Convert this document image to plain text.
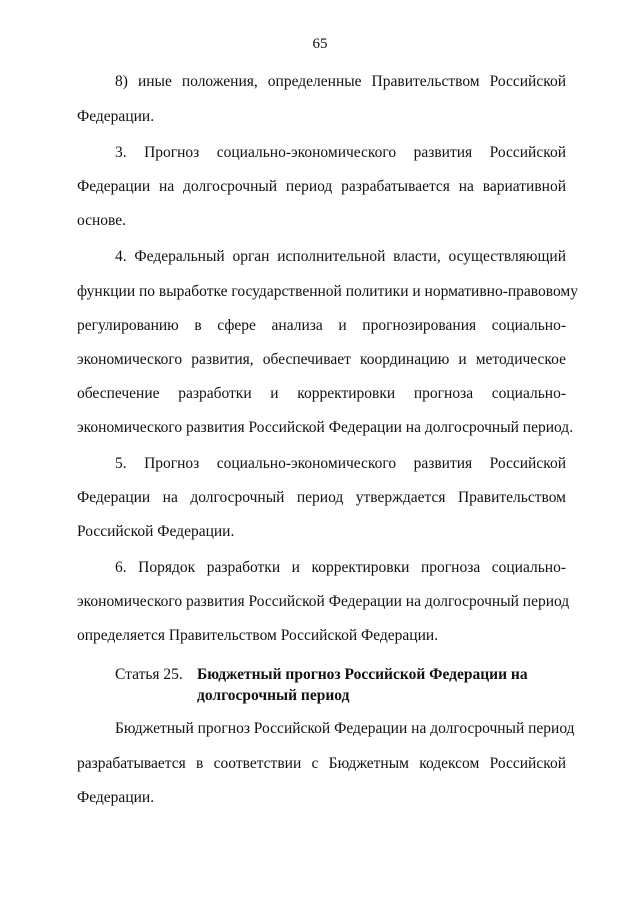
65
8) иные положения, определенные Правительством Российской
Федерации.
3. Прогноз социально-экономического развития Российской
Федерации на долгосрочный период разрабатывается на вариативной
основе.
4. Федеральный орган исполнительной власти, осуществляющий
функции по выработке государственной политики и нормативно-правовому
регулированию в сфере анализа и прогнозирования социально-
экономического развития, обеспечивает координацию и методическое
обеспечение разработки и корректировки прогноза социально-
экономического развития Российской Федерации на долгосрочный период.
5. Прогноз социально-экономического развития Российской
Федерации на долгосрочный период утверждается Правительством
Российской Федерации.
6. Порядок разработки и корректировки прогноза социально-
экономического развития Российской Федерации на долгосрочный период
определяется Правительством Российской Федерации.
Статья 25. Бюджетный прогноз Российской Федерации на
долгосрочный период
Бюджетный прогноз Российской Федерации на долгосрочный период
разрабатывается в соответствии с Бюджетным кодексом Российской
Федерации.
